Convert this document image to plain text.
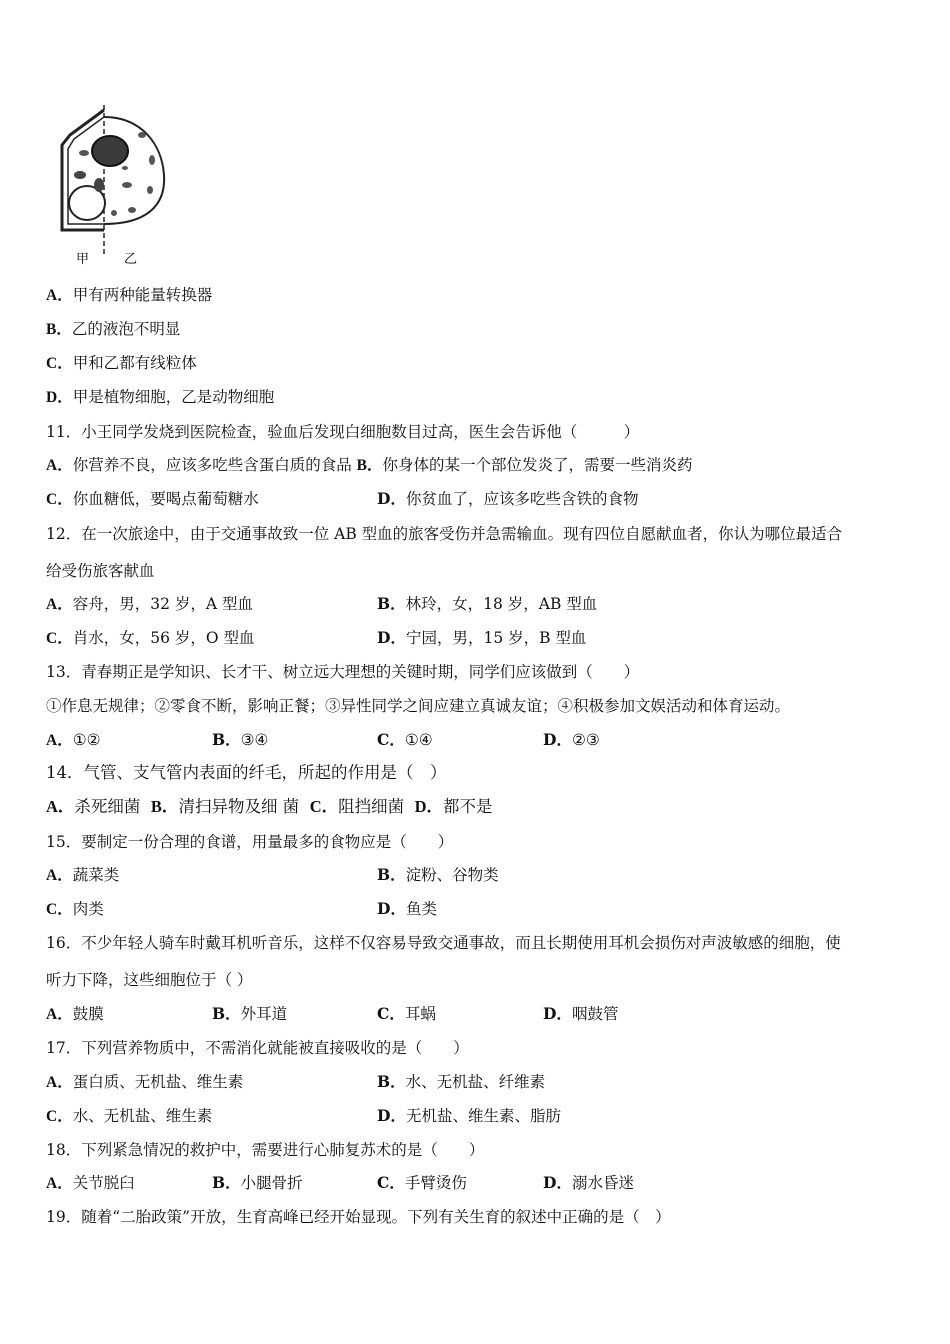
甲	乙
A．甲有两种能量转换器
B．乙的液泡不明显
C．甲和乙都有线粒体
D．甲是植物细胞，乙是动物细胞
11．小王同学发烧到医院检查，验血后发现白细胞数目过高，医生会告诉他（　　　）
A．你营养不良，应该多吃些含蛋白质的食品 B．你身体的某一个部位发炎了，需要一些消炎药
C．你血糖低，要喝点葡萄糖水	D．你贫血了，应该多吃些含铁的食物
12．在一次旅途中，由于交通事故致一位 AB 型血的旅客受伤并急需输血。现有四位自愿献血者，你认为哪位最适合
给受伤旅客献血
A．容舟，男，32 岁，A 型血	B．林玲，女，18 岁，AB 型血
C．肖水，女，56 岁，O 型血	D．宁园，男，15 岁，B 型血
13．青春期正是学知识、长才干、树立远大理想的关键时期，同学们应该做到（　　）
①作息无规律；②零食不断，影响正餐；③异性同学之间应建立真诚友谊；④积极参加文娱活动和体育运动。
A．①②	B．③④	C．①④	D．②③
14．气管、支气管内表面的纤毛，所起的作用是（　）
A．杀死细菌 B．清扫异物及细 菌 C．阻挡细菌 D．都不是
15．要制定一份合理的食谱，用量最多的食物应是（　　）
A．蔬菜类	B．淀粉、谷物类
C．肉类	D．鱼类
16．不少年轻人骑车时戴耳机听音乐，这样不仅容易导致交通事故，而且长期使用耳机会损伤对声波敏感的细胞，使
听力下降，这些细胞位于（ ）
A．鼓膜	B．外耳道	C．耳蜗	D．咽鼓管
17．下列营养物质中，不需消化就能被直接吸收的是（　　）
A．蛋白质、无机盐、维生素	B．水、无机盐、纤维素
C．水、无机盐、维生素	D．无机盐、维生素、脂肪
18．下列紧急情况的救护中，需要进行心肺复苏术的是（　　）
A．关节脱臼	B．小腿骨折	C．手臂烫伤	D．溺水昏迷
19．随着“二胎政策”开放，生育高峰已经开始显现。下列有关生育的叙述中正确的是（　）
